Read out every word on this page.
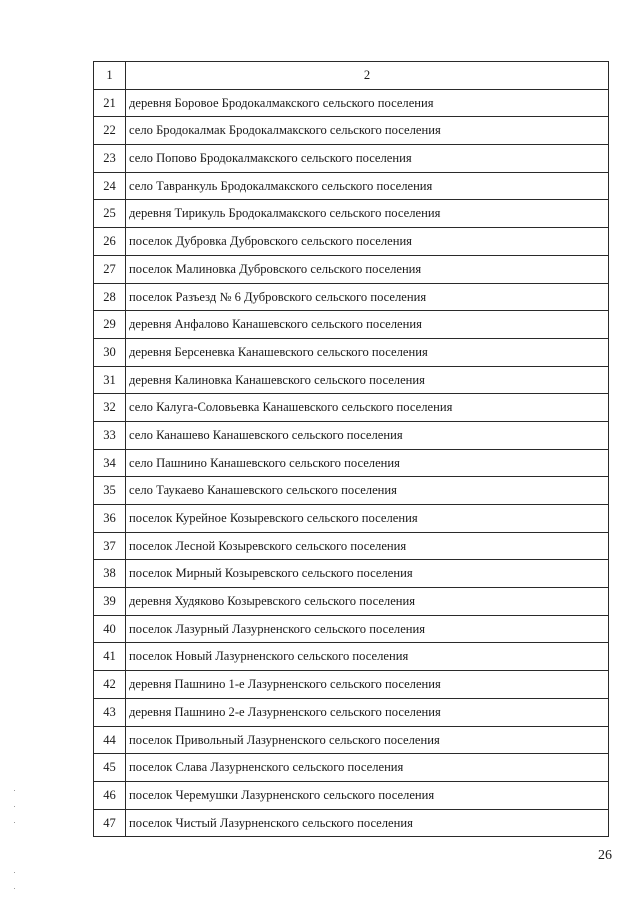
1	2
21	деревня Боровое Бродокалмакского сельского поселения
22	село Бродокалмак Бродокалмакского сельского поселения
23	село Попово Бродокалмакского сельского поселения
24	село Тавранкуль Бродокалмакского сельского поселения
25	деревня Тирикуль Бродокалмакского сельского поселения
26	поселок Дубровка Дубровского сельского поселения
27	поселок Малиновка Дубровского сельского поселения
28	поселок Разъезд № 6 Дубровского сельского поселения
29	деревня Анфалово Канашевского сельского поселения
30	деревня Берсеневка Канашевского сельского поселения
31	деревня Калиновка Канашевского сельского поселения
32	село Калуга-Соловьевка Канашевского сельского поселения
33	село Канашево Канашевского сельского поселения
34	село Пашнино Канашевского сельского поселения
35	село Таукаево Канашевского сельского поселения
36	поселок Курейное Козыревского сельского поселения
37	поселок Лесной Козыревского сельского поселения
38	поселок Мирный Козыревского сельского поселения
39	деревня Худяково Козыревского сельского поселения
40	поселок Лазурный Лазурненского сельского поселения
41	поселок Новый Лазурненского сельского поселения
42	деревня Пашнино 1-е Лазурненского сельского поселения
43	деревня Пашнино 2-е Лазурненского сельского поселения
44	поселок Привольный Лазурненского сельского поселения
45	поселок Слава Лазурненского сельского поселения
46	поселок Черемушки Лазурненского сельского поселения
47	поселок Чистый Лазурненского сельского поселения
26
